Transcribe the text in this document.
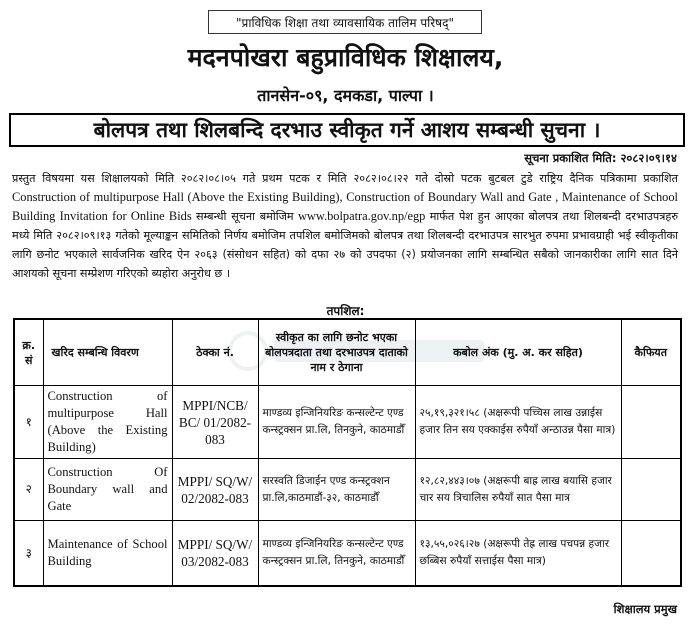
"प्राविधिक शिक्षा तथा व्यावसायिक तालिम परिषद्"
मदनपोखरा बहुप्राविधिक शिक्षालय,
तानसेन-०९, दमकडा, पाल्पा ।
बोलपत्र तथा शिलबन्दि दरभाउ स्वीकृत गर्ने आशय सम्बन्धी सुचना ।
सूचना प्रकाशित मिति: २०८२।०९।१४
प्रस्तुत विषयमा यस शिक्षालयको मिति २०८२।०८।०५ गते प्रथम पटक र मिति २०८२।०८।२२ गते दोस्रो पटक बुटबल टुडे राष्ट्रिय दैनिक पत्रिकामा प्रकाशित Construction of multipurpose Hall (Above the Existing Building), Construction of Boundary Wall and Gate , Maintenance of School Building Invitation for Online Bids सम्बन्धी सूचना बमोजिम www.bolpatra.gov.np/egp मार्फत पेश हुन आएका बोलपत्र तथा शिलबन्दी दरभाउपत्रहरु मध्ये मिति २०८२।०९।१३ गतेको मूल्याङ्कन समितिको निर्णय बमोजिम तपशिल बमोजिमको बोलपत्र तथा शिलबन्दी दरभाउपत्र सारभुत रुपमा प्रभावग्राही भई स्वीकृतीका लागि छनोट भएकाले सार्वजनिक खरिद ऐन २०६३ (संसोधन सहित) को दफा २७ को उपदफा (२) प्रयोजनका लागि सम्बन्धित सबैको जानकारीका लागि सात दिने आशयको सूचना सम्प्रेशण गरिएको ब्यहोरा अनुरोध छ ।
तपशिल:
क्र. सं	खरिद सम्बन्धि विवरण	ठेक्का नं.	स्वीकृत का लागि छनोट भएका बोलपत्रदाता तथा दरभाउपत्र दाताको नाम र ठेगाना	कबोल अंक (मु. अ. कर सहित)	कैफियत
१	Construction of multipurpose Hall (Above the Existing Building)	MPPI/NCB/ BC/ 01/2082-083	माण्डव्य इन्जिनियरिङ कन्सल्टेन्ट एण्ड कन्स्ट्रक्सन प्रा.लि, तिनकुने, काठमाडौँ	२५,१९,३२१।५८ (अक्षरूपी पच्चिस लाख उन्नाईस हजार तिन सय एक्काईस रुपैयाँ अन्ठाउन्न पैसा मात्र)	
२	Construction Of Boundary wall and Gate	MPPI/ SQ/W/ 02/2082-083	सरस्वति डिजाईन एण्ड कन्स्ट्रक्शन प्रा.लि,काठमाडौं-३२, काठमाडौँ	१२,८२,४४३।०७ (अक्षरूपी बाह्र लाख बयासि हजार चार सय त्रिचालिस रुपैयाँ सात पैसा मात्र	
३	Maintenance of School Building	MPPI/ SQ/W/ 03/2082-083	माण्डव्य इन्जिनियरिङ कन्सल्टेन्ट एण्ड कन्स्ट्रक्सन प्रा.लि, तिनकुने, काठमाडौँ	१३,५५,०२६।२७ (अक्षरूपी तेह्र लाख पचपन्न हजार छब्बिस रुपैयाँ सत्ताईस पैसा मात्र)	
शिक्षालय प्रमुख
